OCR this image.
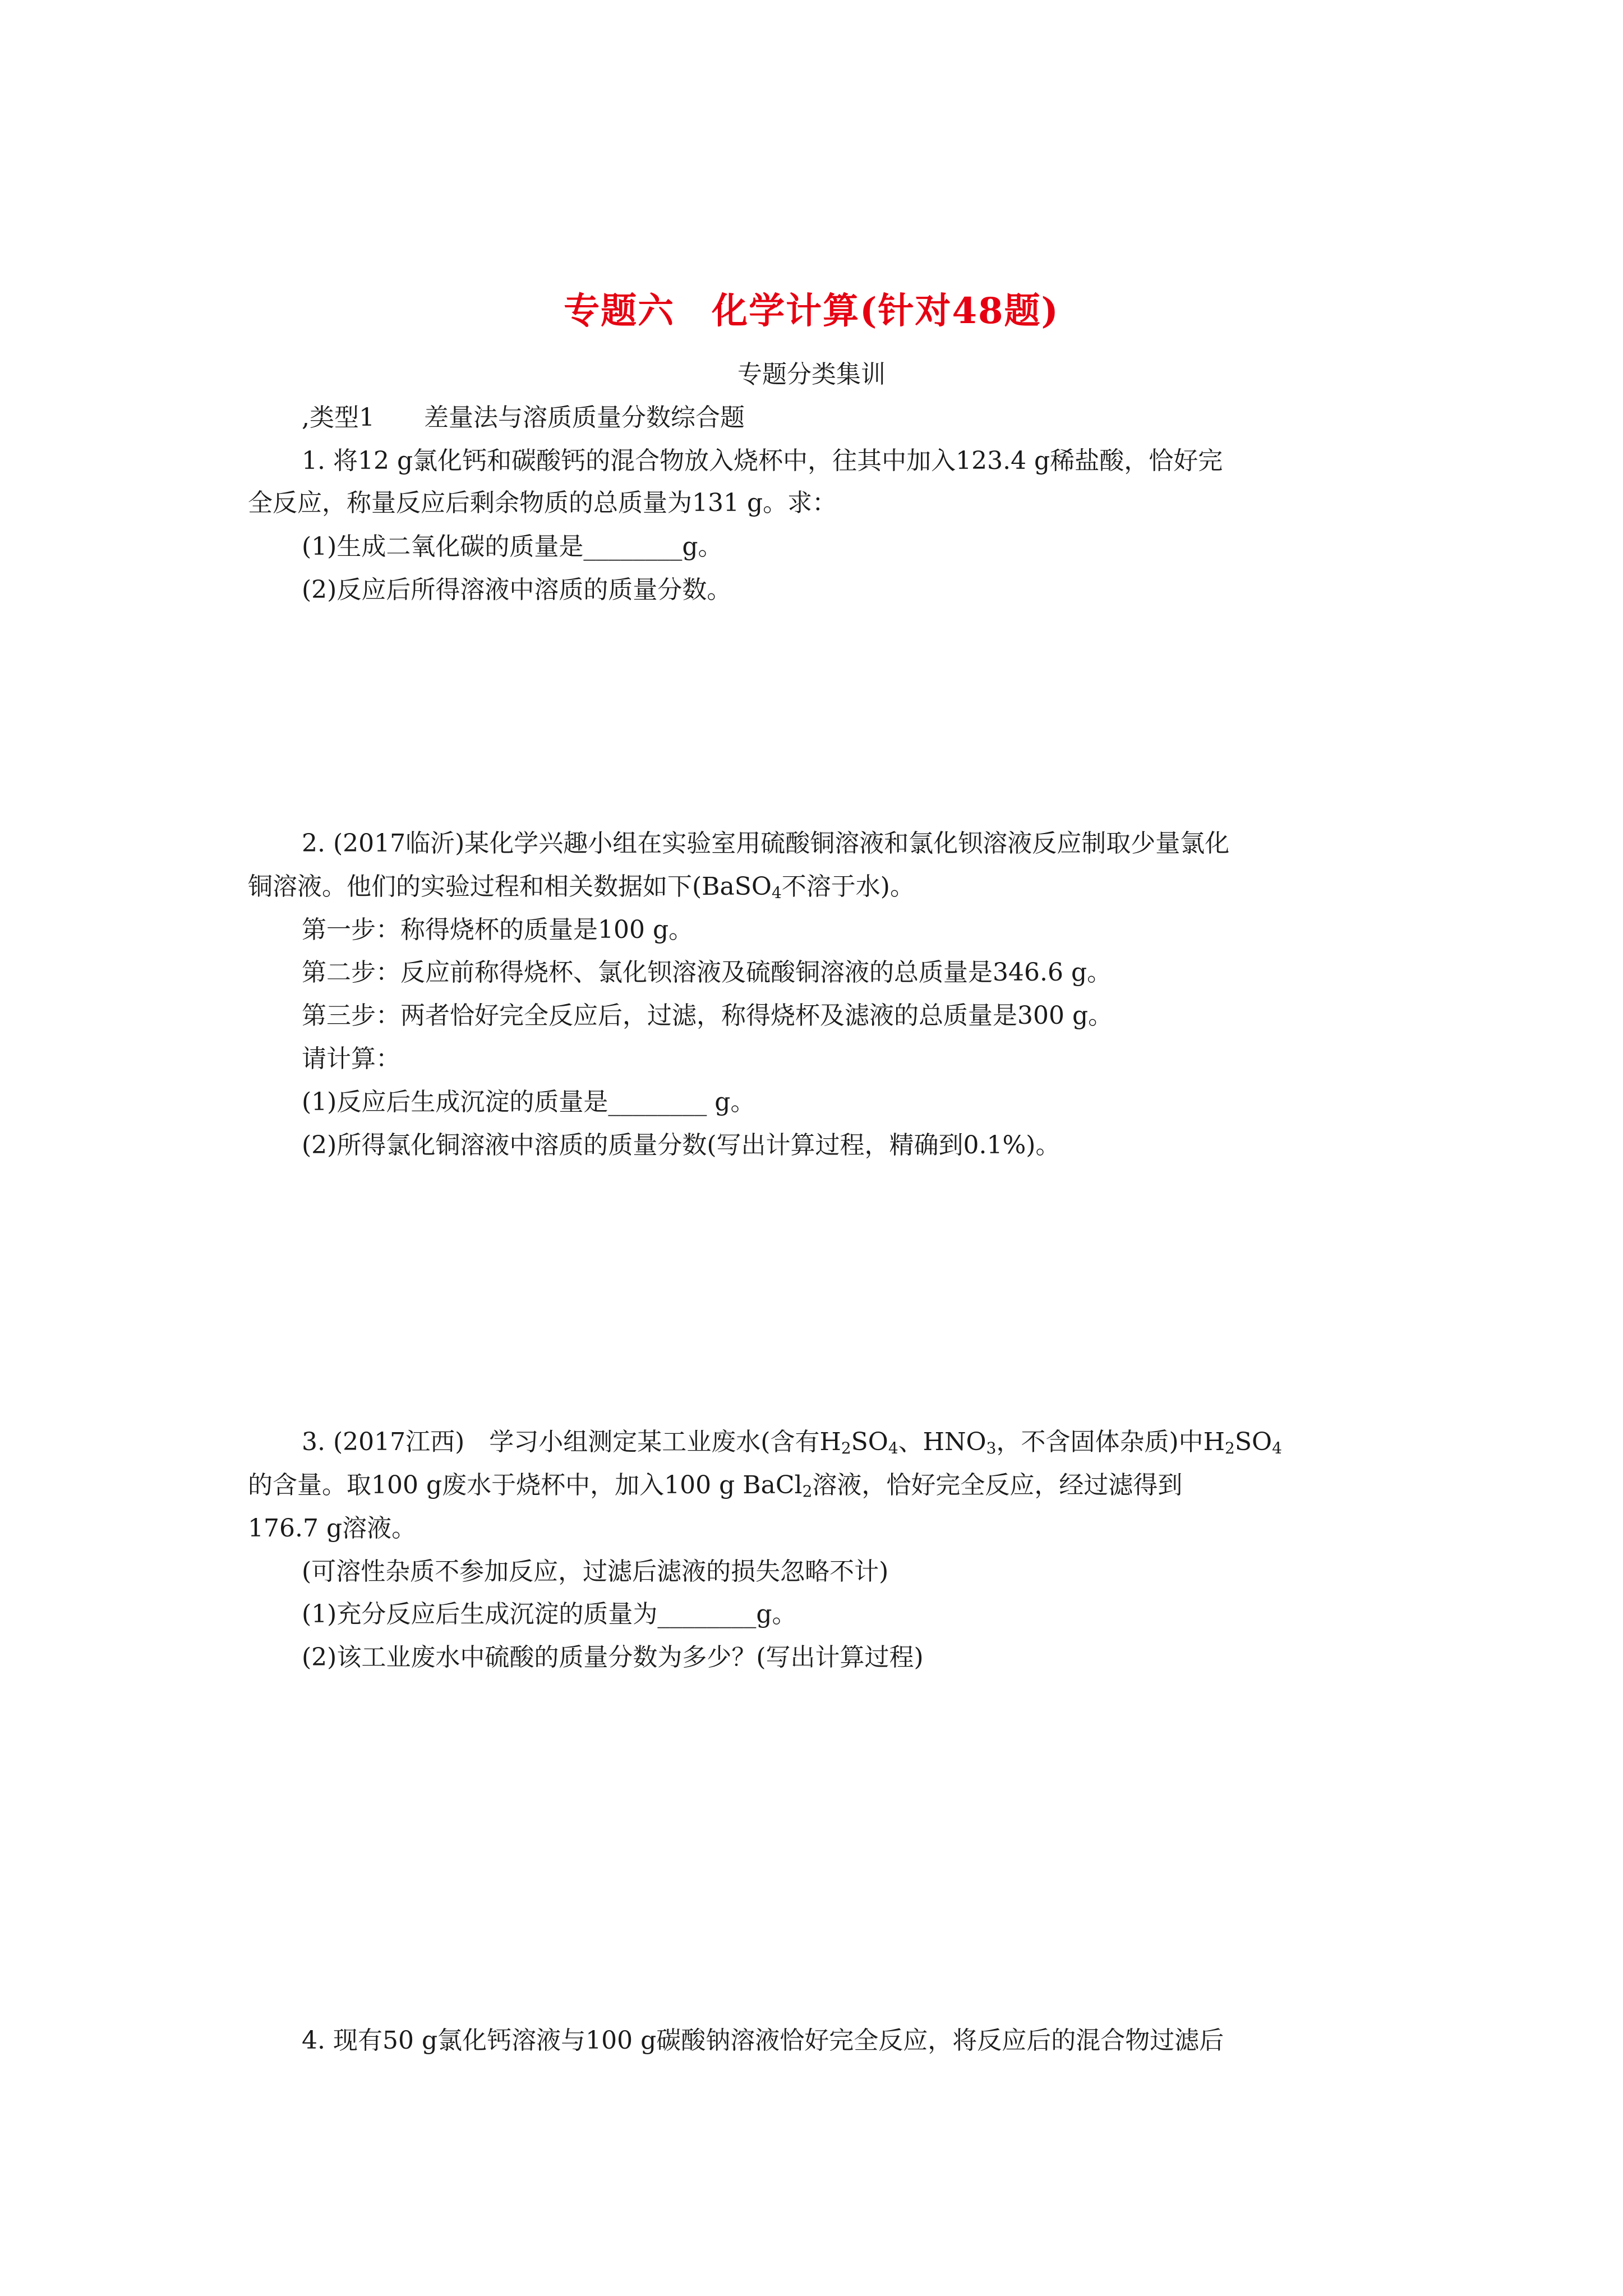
专题六　化学计算(针对48题)
专题分类集训
,类型1　　差量法与溶质质量分数综合题
1. 将12 g氯化钙和碳酸钙的混合物放入烧杯中，往其中加入123.4 g稀盐酸，恰好完
全反应，称量反应后剩余物质的总质量为131 g。求：
(1)生成二氧化碳的质量是________g。
(2)反应后所得溶液中溶质的质量分数。
2. (2017临沂)某化学兴趣小组在实验室用硫酸铜溶液和氯化钡溶液反应制取少量氯化
铜溶液。他们的实验过程和相关数据如下(BaSO$_4$不溶于水)。
第一步：称得烧杯的质量是100 g。
第二步：反应前称得烧杯、氯化钡溶液及硫酸铜溶液的总质量是346.6 g。
第三步：两者恰好完全反应后，过滤，称得烧杯及滤液的总质量是300 g。
请计算：
(1)反应后生成沉淀的质量是________ g。
(2)所得氯化铜溶液中溶质的质量分数(写出计算过程，精确到0.1%)。
3. (2017江西)　学习小组测定某工业废水(含有$H_2SO_4$、$HNO_3$，不含固体杂质)中$H_2SO_4$
的含量。取100 g废水于烧杯中，加入100 g BaCl$_2$溶液，恰好完全反应，经过滤得到
176.7 g溶液。
(可溶性杂质不参加反应，过滤后滤液的损失忽略不计)
(1)充分反应后生成沉淀的质量为________g。
(2)该工业废水中硫酸的质量分数为多少？(写出计算过程)
4. 现有50 g氯化钙溶液与100 g碳酸钠溶液恰好完全反应，将反应后的混合物过滤后
